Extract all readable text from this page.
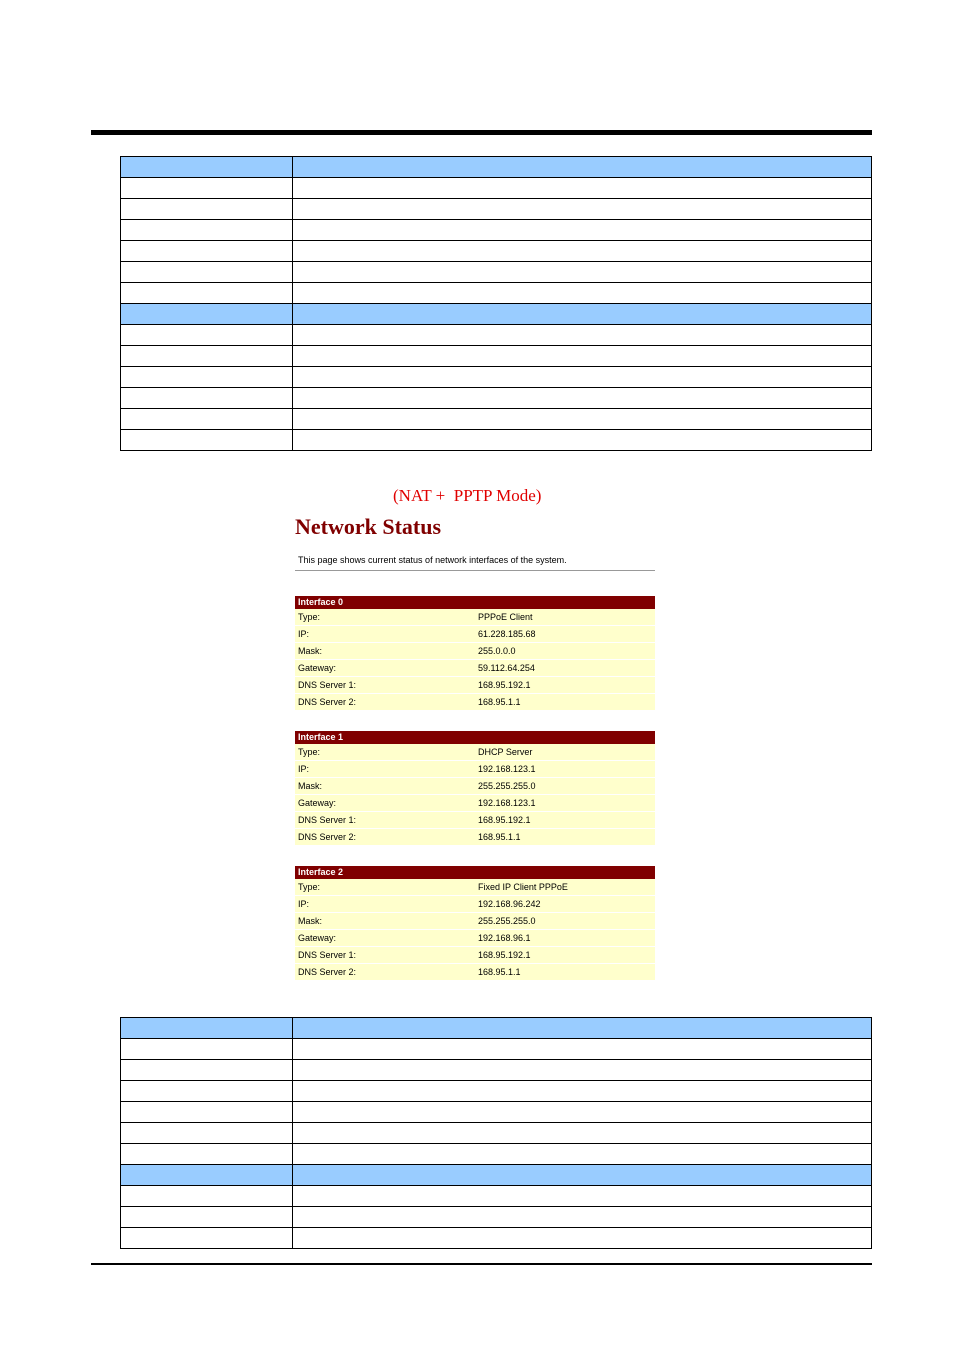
(NAT +  PPTP Mode)
Network Status
This page shows current status of network interfaces of the system.
Interface 0	
Type:	PPPoE Client
IP:	61.228.185.68
Mask:	255.0.0.0
Gateway:	59.112.64.254
DNS Server 1:	168.95.192.1
DNS Server 2:	168.95.1.1
Interface 1	
Type:	DHCP Server
IP:	192.168.123.1
Mask:	255.255.255.0
Gateway:	192.168.123.1
DNS Server 1:	168.95.192.1
DNS Server 2:	168.95.1.1
Interface 2	
Type:	Fixed IP Client PPPoE
IP:	192.168.96.242
Mask:	255.255.255.0
Gateway:	192.168.96.1
DNS Server 1:	168.95.192.1
DNS Server 2:	168.95.1.1
